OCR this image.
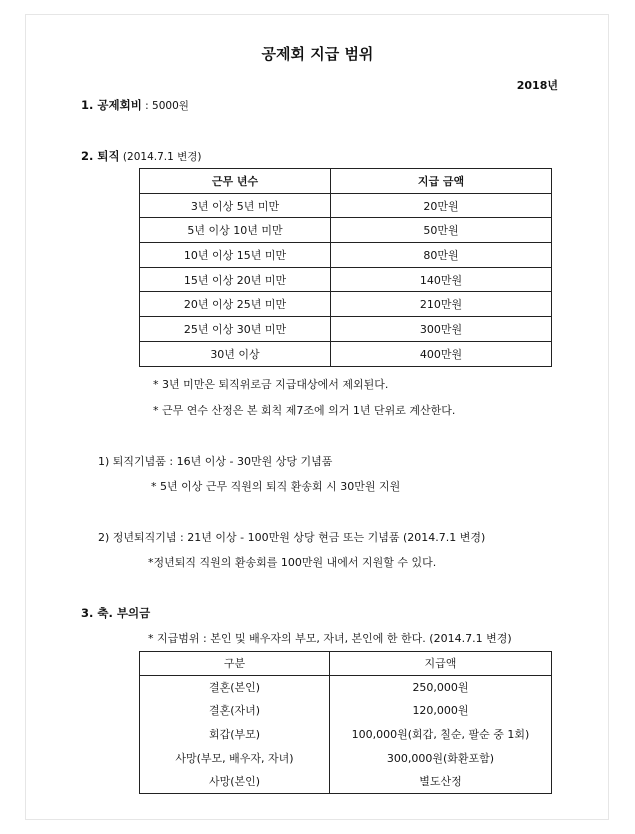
공제회 지급 범위
2018년
1. 공제회비 : 5000원
2. 퇴직 (2014.7.1 변경)
근무 년수	지급 금액
3년 이상 5년 미만	20만원
5년 이상 10년 미만	50만원
10년 이상 15년 미만	80만원
15년 이상 20년 미만	140만원
20년 이상 25년 미만	210만원
25년 이상 30년 미만	300만원
30년 이상	400만원
* 3년 미만은 퇴직위로금 지급대상에서 제외된다.
* 근무 연수 산정은 본 회칙 제7조에 의거 1년 단위로 계산한다.
1) 퇴직기념품 : 16년 이상 - 30만원 상당 기념품
* 5년 이상 근무 직원의 퇴직 환송회 시 30만원 지원
2) 정년퇴직기념 : 21년 이상 - 100만원 상당 현금 또는 기념품 (2014.7.1 변경)
*정년퇴직 직원의 환송회를 100만원 내에서 지원할 수 있다.
3. 축. 부의금
* 지급범위 : 본인 및 배우자의 부모, 자녀, 본인에 한 한다. (2014.7.1 변경)
구분	지급액
결혼(본인)	250,000원
결혼(자녀)	120,000원
회갑(부모)	100,000원(회갑, 칠순, 팔순 중 1회)
사망(부모, 배우자, 자녀)	300,000원(화환포함)
사망(본인)	별도산정
